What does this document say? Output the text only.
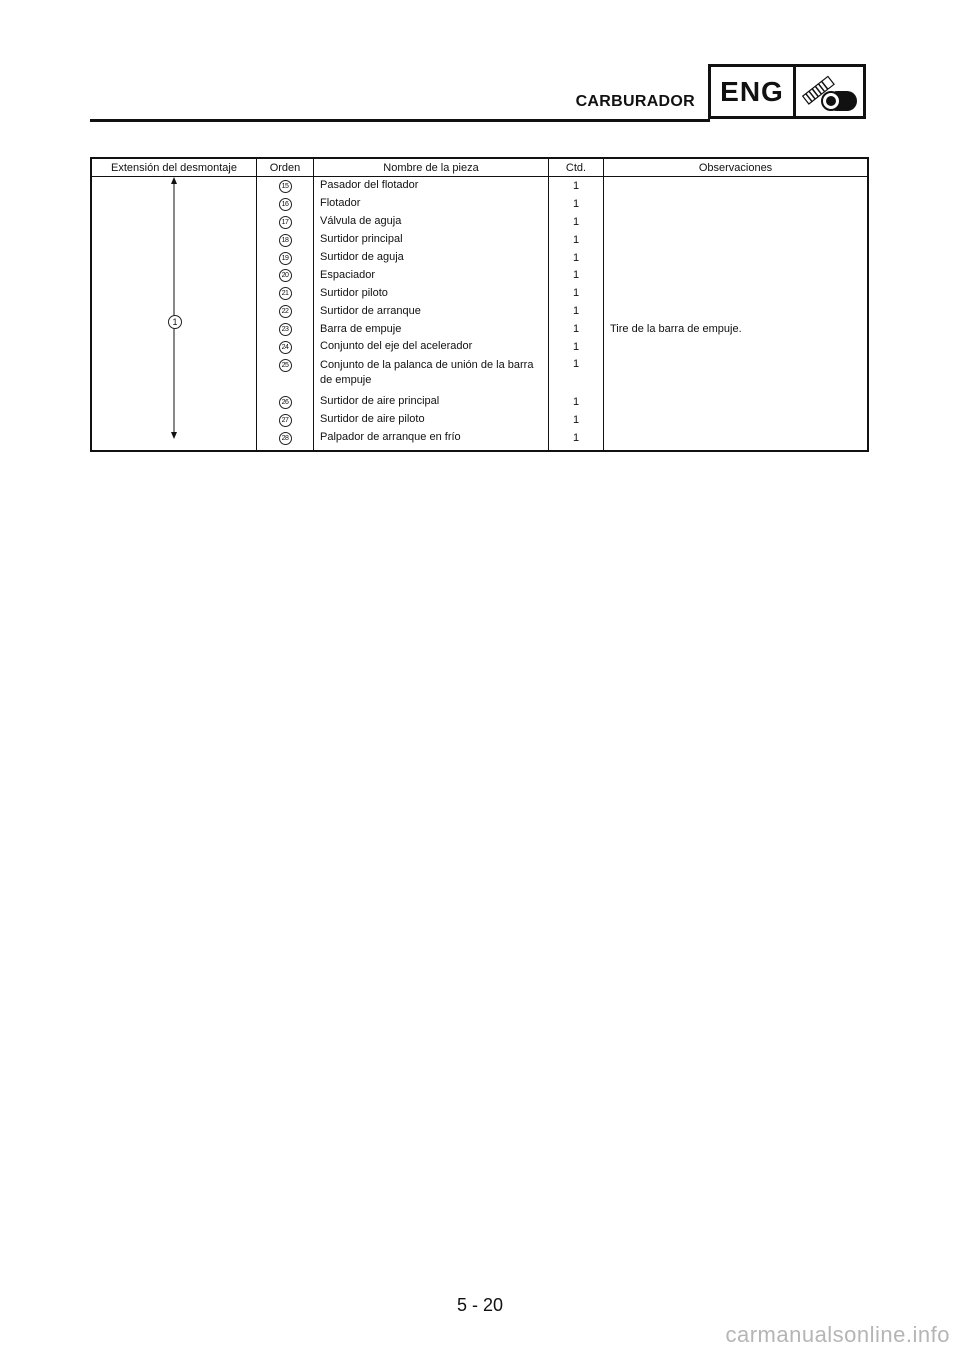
CARBURADOR ENG
Extensión del desmontaje	Orden	Nombre de la pieza	Ctd.	Observaciones

1	15	Pasador del flotador	1	
	16	Flotador	1	
	17	Válvula de aguja	1	
	18	Surtidor principal	1	
	19	Surtidor de aguja	1	
	20	Espaciador	1	
	21	Surtidor piloto	1	
	22	Surtidor de arranque	1	
	23	Barra de empuje	1	Tire de la barra de empuje.
	24	Conjunto del eje del acelerador	1	
	25	Conjunto de la palanca de unión de la barra de empuje	1	
	26	Surtidor de aire principal	1	
	27	Surtidor de aire piloto	1	
	28	Palpador de arranque en frío	1	
5 - 20
carmanualsonline.info
